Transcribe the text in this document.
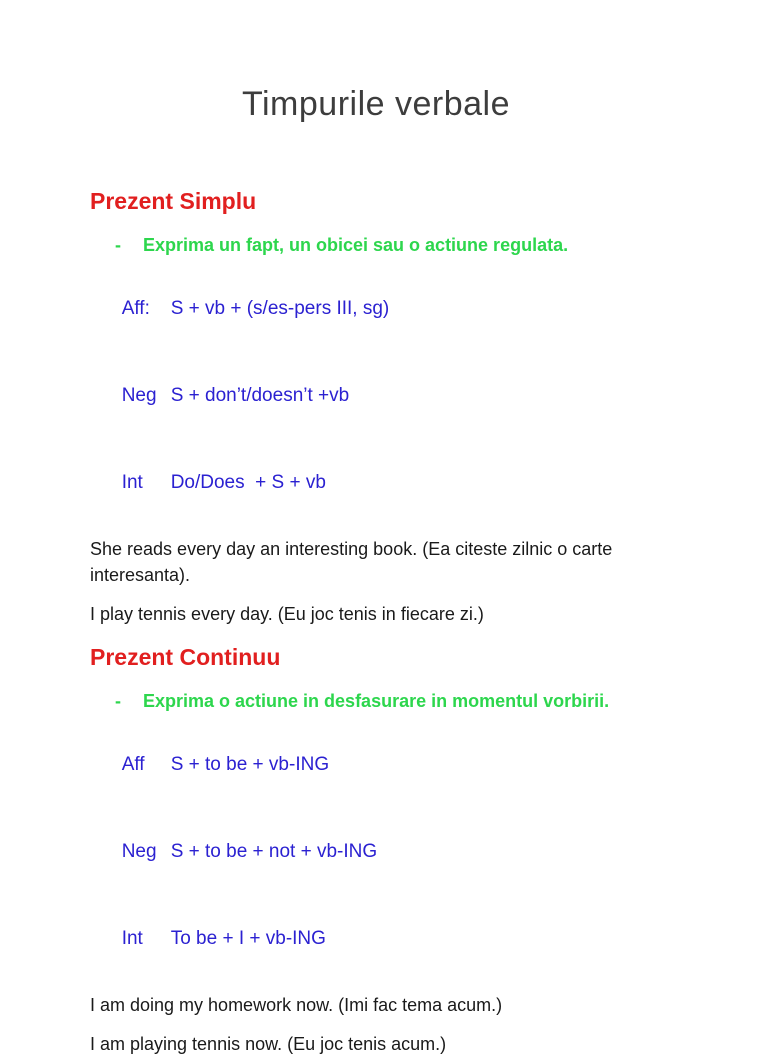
Timpurile verbale
Prezent Simplu
- Exprima un fapt, un obicei sau o actiune regulata.

Aff: S + vb + (s/es-pers III, sg)

Neg S + don’t/doesn’t +vb

Int Do/Does  + S + vb

She reads every day an interesting book. (Ea citeste zilnic o carte interesanta).

I play tennis every day. (Eu joc tenis in fiecare zi.)

Prezent Continuu
- Exprima o actiune in desfasurare in momentul vorbirii.

Aff S + to be + vb-ING

Neg S + to be + not + vb-ING

Int To be + I + vb-ING

I am doing my homework now. (Imi fac tema acum.)

I am playing tennis now. (Eu joc tenis acum.)
